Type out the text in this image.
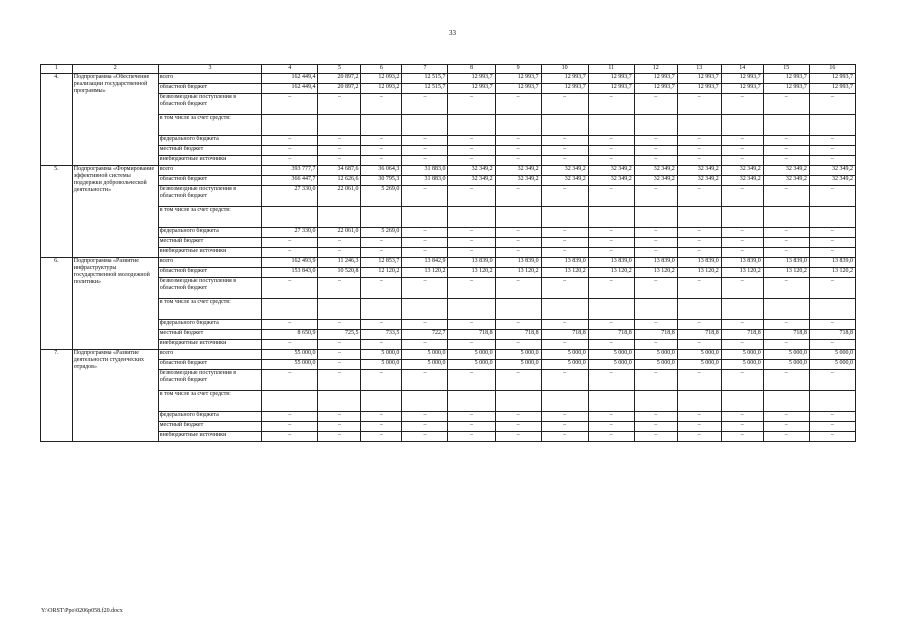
33
1	2	3	4	5	6	7	8	9	10	11	12	13	14	15	16
4.	Подпрограмма «Обеспечение реализации государственной программы»	всего	162 449,4	20 897,2	12 093,2	12 515,7	12 993,7	12 993,7	12 993,7	12 993,7	12 993,7	12 993,7	12 993,7	12 993,7	12 993,7
		областной бюджет	162 449,4	20 897,2	12 093,2	12 515,7	12 993,7	12 993,7	12 993,7	12 993,7	12 993,7	12 993,7	12 993,7	12 993,7	12 993,7
		безвозмездные поступления в областной бюджет	–	–	–	–	–	–	–	–	–	–	–	–	–
		в том числе за счет средств:													
		федерального бюджета	–	–	–	–	–	–	–	–	–	–	–	–	–
		местный бюджет	–	–	–	–	–	–	–	–	–	–	–	–	–
		внебюджетные источники	–	–	–	–	–	–	–	–	–	–	–	–	–
5.	Подпрограмма «Формирование эффективной системы поддержки добровольческой деятельности»	всего	393 777,7	34 687,6	36 064,3	31 883,0	32 349,2	32 349,2	32 349,2	32 349,2	32 349,2	32 349,2	32 349,2	32 349,2	32 349,2
		областной бюджет	366 447,7	12 626,6	30 795,3	31 883,0	32 349,2	32 349,2	32 349,2	32 349,2	32 349,2	32 349,2	32 349,2	32 349,2	32 349,2
		безвозмездные поступления в областной бюджет	27 330,0	22 061,0	5 269,0	–	–	–	–	–	–	–	–	–	–
		в том числе за счет средств:													
		федерального бюджета	27 330,0	22 061,0	5 269,0	–	–	–	–	–	–	–	–	–	–
		местный бюджет	–	–	–	–	–	–	–	–	–	–	–	–	–
		внебюджетные источники	–	–	–	–	–	–	–	–	–	–	–	–	–
6.	Подпрограмма «Развитие инфраструктуры государственной молодежной политики»	всего	162 493,9	11 246,3	12 853,7	13 842,9	13 839,0	13 839,0	13 839,0	13 839,0	13 839,0	13 839,0	13 839,0	13 839,0	13 839,0
		областной бюджет	153 843,0	10 520,8	12 120,2	13 120,2	13 120,2	13 120,2	13 120,2	13 120,2	13 120,2	13 120,2	13 120,2	13 120,2	13 120,2
		безвозмездные поступления в областной бюджет	–	–	–	–	–	–	–	–	–	–	–	–	–
		в том числе за счет средств:													
		федерального бюджета	–	–	–	–	–	–	–	–	–	–	–	–	–
		местный бюджет	8 650,9	725,5	733,5	722,7	718,8	718,8	718,8	718,8	718,8	718,8	718,8	718,8	718,8
		внебюджетные источники	–	–	–	–	–	–	–	–	–	–	–	–	–
7.	Подпрограмма «Развитие деятельности студенческих отрядов»	всего	55 000,0	–	5 000,0	5 000,0	5 000,0	5 000,0	5 000,0	5 000,0	5 000,0	5 000,0	5 000,0	5 000,0	5 000,0
		областной бюджет	55 000,0	–	5 000,0	5 000,0	5 000,0	5 000,0	5 000,0	5 000,0	5 000,0	5 000,0	5 000,0	5 000,0	5 000,0
		безвозмездные поступления в областной бюджет	–	–	–	–	–	–	–	–	–	–	–	–	–
		в том числе за счет средств:													
		федерального бюджета	–	–	–	–	–	–	–	–	–	–	–	–	–
		местный бюджет	–	–	–	–	–	–	–	–	–	–	–	–	–
		внебюджетные источники	–	–	–	–	–	–	–	–	–	–	–	–	–
Y:\ORST\Ppo\0206p058.f20.docx
